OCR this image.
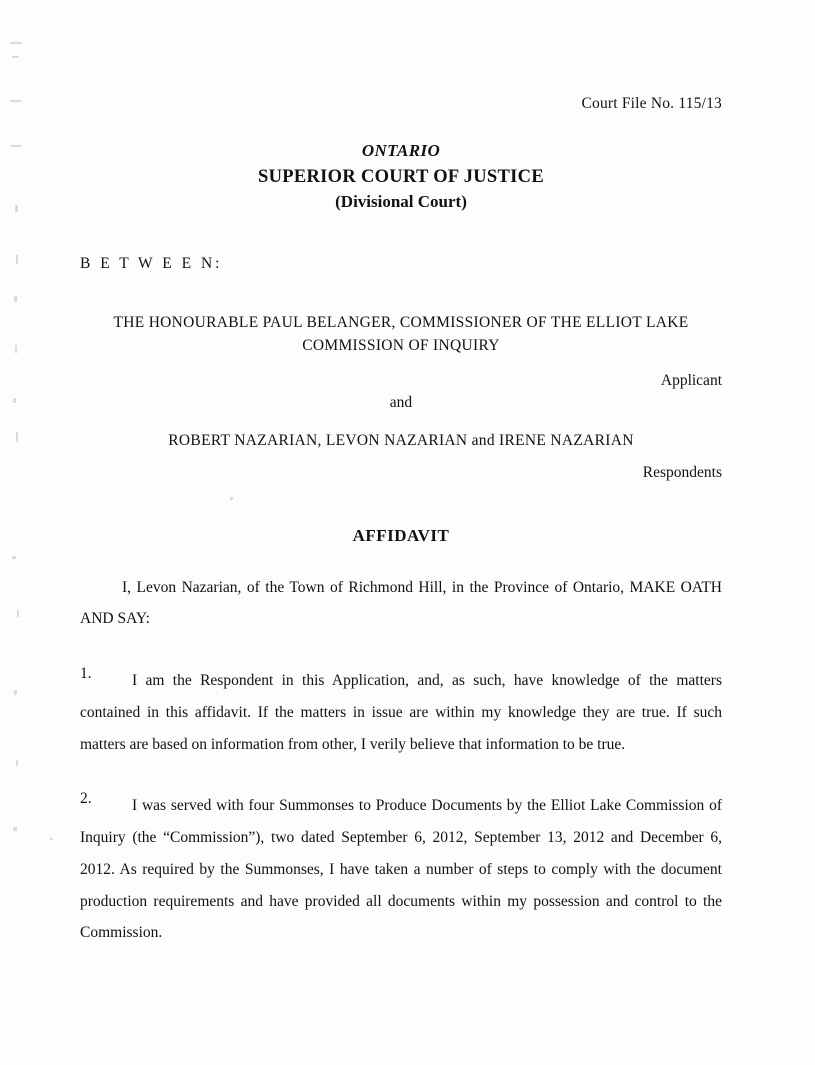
Court File No. 115/13
ONTARIO
SUPERIOR COURT OF JUSTICE
(Divisional Court)
B E T W E E N:
THE HONOURABLE PAUL BELANGER, COMMISSIONER OF THE ELLIOT LAKE COMMISSION OF INQUIRY
Applicant
and
ROBERT NAZARIAN, LEVON NAZARIAN and IRENE NAZARIAN
Respondents
AFFIDAVIT

I, Levon Nazarian, of the Town of Richmond Hill, in the Province of Ontario, MAKE OATH AND SAY:

1.	I am the Respondent in this Application, and, as such, have knowledge of the matters contained in this affidavit. If the matters in issue are within my knowledge they are true. If such matters are based on information from other, I verily believe that information to be true.

2.	I was served with four Summonses to Produce Documents by the Elliot Lake Commission of Inquiry (the “Commission”), two dated September 6, 2012, September 13, 2012 and December 6, 2012. As required by the Summonses, I have taken a number of steps to comply with the document production requirements and have provided all documents within my possession and control to the Commission.
